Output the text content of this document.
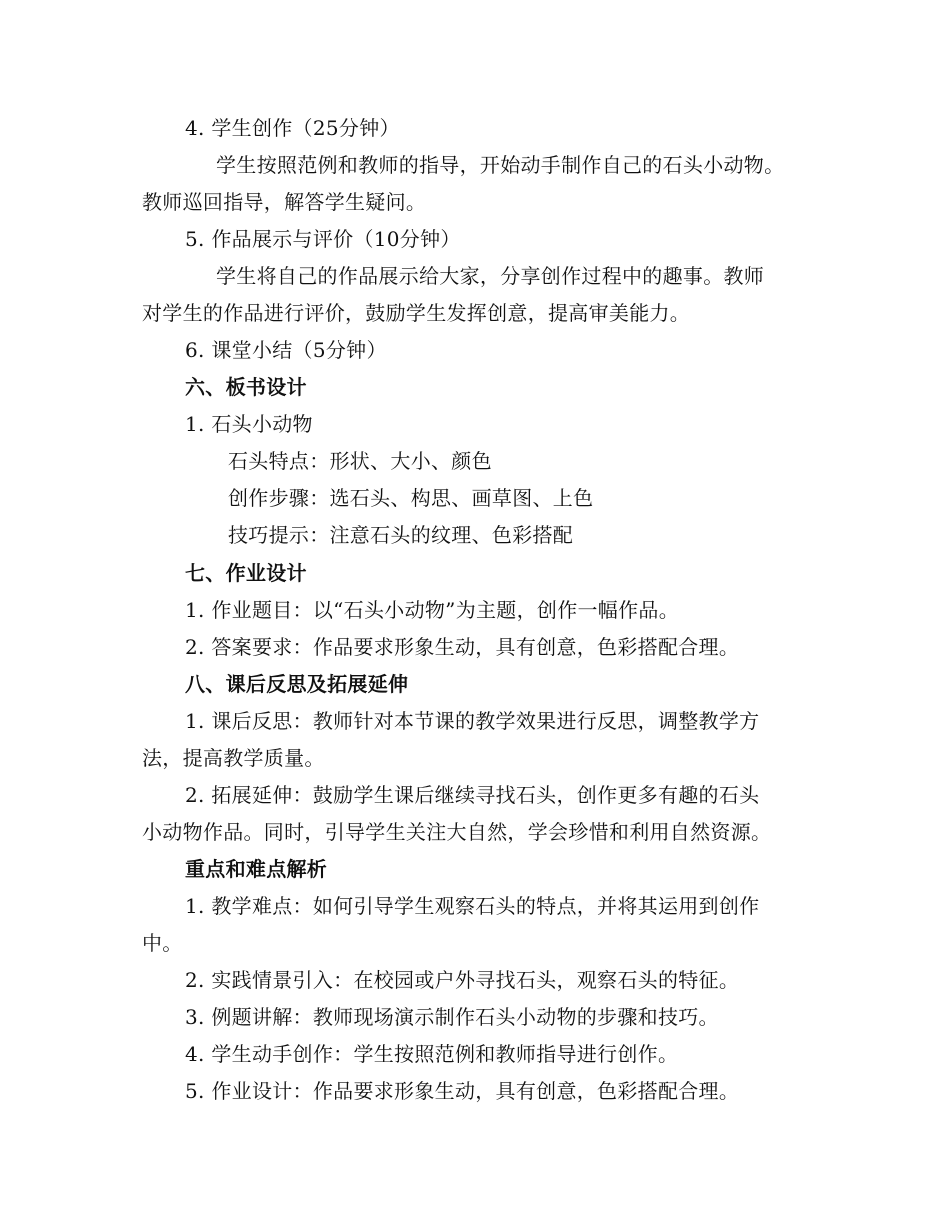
4. 学生创作（25分钟）
学生按照范例和教师的指导，开始动手制作自己的石头小动物。
教师巡回指导，解答学生疑问。
5. 作品展示与评价（10分钟）
学生将自己的作品展示给大家，分享创作过程中的趣事。教师
对学生的作品进行评价，鼓励学生发挥创意，提高审美能力。
6. 课堂小结（5分钟）
六、板书设计
1. 石头小动物
石头特点：形状、大小、颜色
创作步骤：选石头、构思、画草图、上色
技巧提示：注意石头的纹理、色彩搭配
七、作业设计
1. 作业题目：以“石头小动物”为主题，创作一幅作品。
2. 答案要求：作品要求形象生动，具有创意，色彩搭配合理。
八、课后反思及拓展延伸
1. 课后反思：教师针对本节课的教学效果进行反思，调整教学方
法，提高教学质量。
2. 拓展延伸：鼓励学生课后继续寻找石头，创作更多有趣的石头
小动物作品。同时，引导学生关注大自然，学会珍惜和利用自然资源。
重点和难点解析
1. 教学难点：如何引导学生观察石头的特点，并将其运用到创作
中。
2. 实践情景引入：在校园或户外寻找石头，观察石头的特征。
3. 例题讲解：教师现场演示制作石头小动物的步骤和技巧。
4. 学生动手创作：学生按照范例和教师指导进行创作。
5. 作业设计：作品要求形象生动，具有创意，色彩搭配合理。
